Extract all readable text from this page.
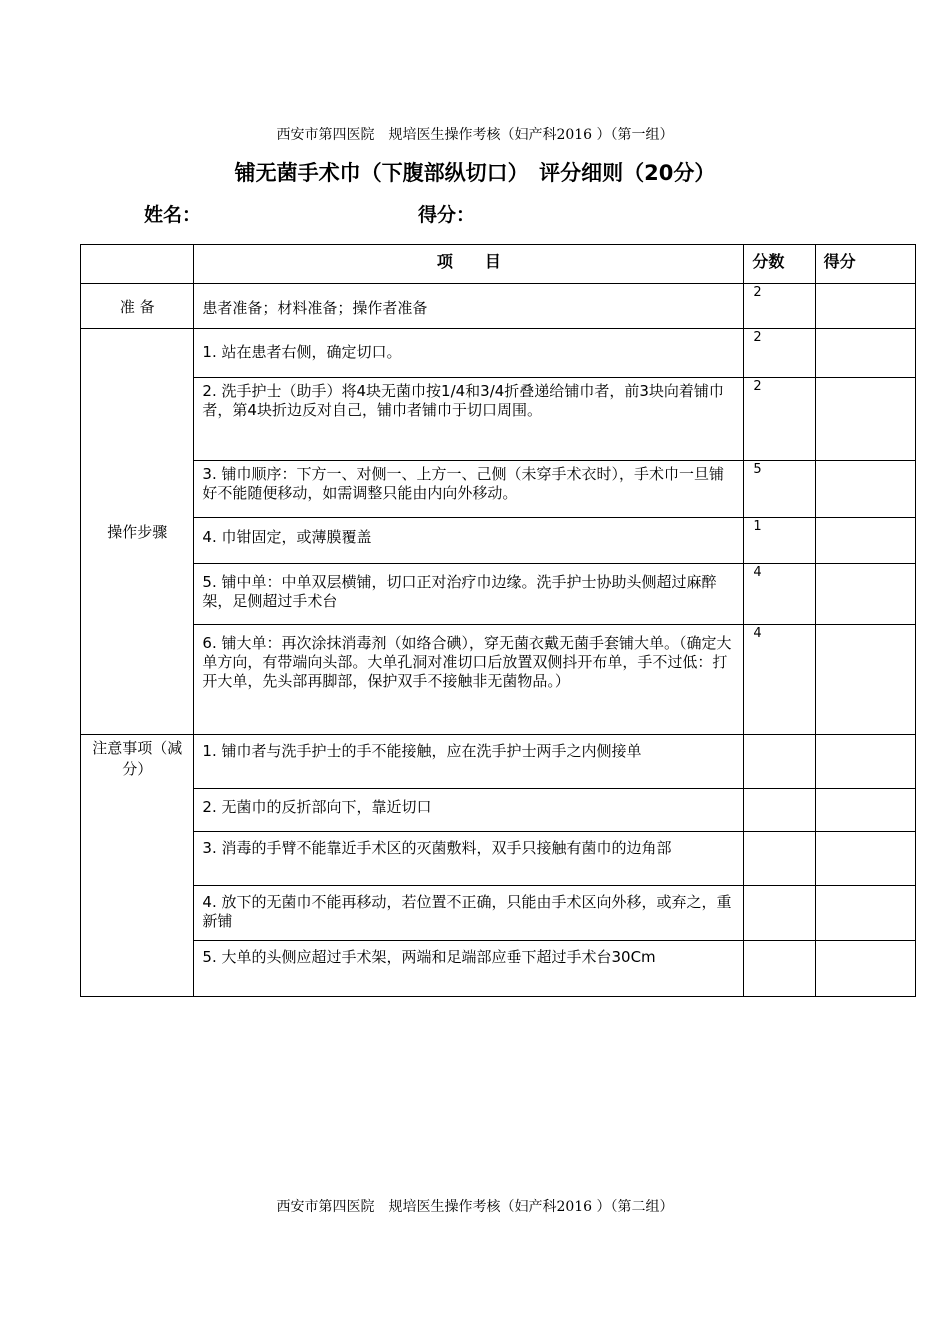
西安市第四医院　规培医生操作考核（妇产科2016 ）（第一组）
铺无菌手术巾（下腹部纵切口）　评分细则（20分）
姓名：	得分：
	项　　目	分数	得分
准 备	患者准备；材料准备；操作者准备	2	
操作步骤	1. 站在患者右侧，确定切口。	2	
	2. 洗手护士（助手）将4块无菌巾按1/4和3/4折叠递给铺巾者，前3块向着铺巾者，第4块折边反对自己，铺巾者铺巾于切口周围。	2	
	3. 铺巾顺序：下方一、对侧一、上方一、己侧（未穿手术衣时），手术巾一旦铺好不能随便移动，如需调整只能由内向外移动。	5	
	4. 巾钳固定，或薄膜覆盖	1	
	5. 铺中单：中单双层横铺，切口正对治疗巾边缘。洗手护士协助头侧超过麻醉架，足侧超过手术台	4	
	6. 铺大单：再次涂抹消毒剂（如络合碘），穿无菌衣戴无菌手套铺大单。（确定大单方向，有带端向头部。大单孔洞对准切口后放置双侧抖开布单，手不过低：打开大单，先头部再脚部，保护双手不接触非无菌物品。）	4	
注意事项（减分）	1. 铺巾者与洗手护士的手不能接触，应在洗手护士两手之内侧接单		
	2. 无菌巾的反折部向下，靠近切口		
	3. 消毒的手臂不能靠近手术区的灭菌敷料，双手只接触有菌巾的边角部		
	4. 放下的无菌巾不能再移动，若位置不正确，只能由手术区向外移，或弃之，重新铺		
	5. 大单的头侧应超过手术架，两端和足端部应垂下超过手术台30Cm		
西安市第四医院　规培医生操作考核（妇产科2016 ）（第二组）
